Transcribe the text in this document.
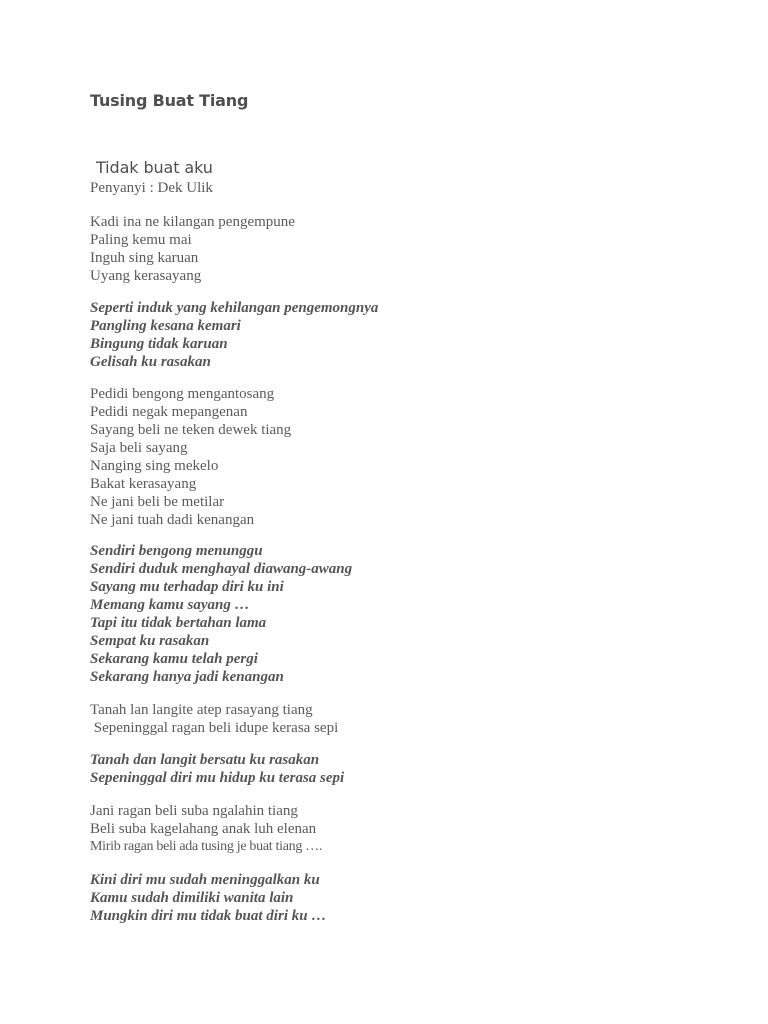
Tusing Buat Tiang
Tidak buat aku
Penyanyi : Dek Ulik
Kadi ina ne kilangan pengempune
Paling kemu mai
Inguh sing karuan
Uyang kerasayang
Seperti induk yang kehilangan pengemongnya
Pangling kesana kemari
Bingung tidak karuan
Gelisah ku rasakan
Pedidi bengong mengantosang
Pedidi negak mepangenan
Sayang beli ne teken dewek tiang
Saja beli sayang
Nanging sing mekelo
Bakat kerasayang
Ne jani beli be metilar
Ne jani tuah dadi kenangan
Sendiri bengong menunggu
Sendiri duduk menghayal diawang-awang
Sayang mu terhadap diri ku ini
Memang kamu sayang …
Tapi itu tidak bertahan lama
Sempat ku rasakan
Sekarang kamu telah pergi
Sekarang hanya jadi kenangan
Tanah lan langite atep rasayang tiang
Sepeninggal ragan beli idupe kerasa sepi
Tanah dan langit bersatu ku rasakan
Sepeninggal diri mu hidup ku terasa sepi
Jani ragan beli suba ngalahin tiang
Beli suba kagelahang anak luh elenan
Mirib ragan beli ada tusing je buat tiang ….
Kini diri mu sudah meninggalkan ku
Kamu sudah dimiliki wanita lain
Mungkin diri mu tidak buat diri ku …
